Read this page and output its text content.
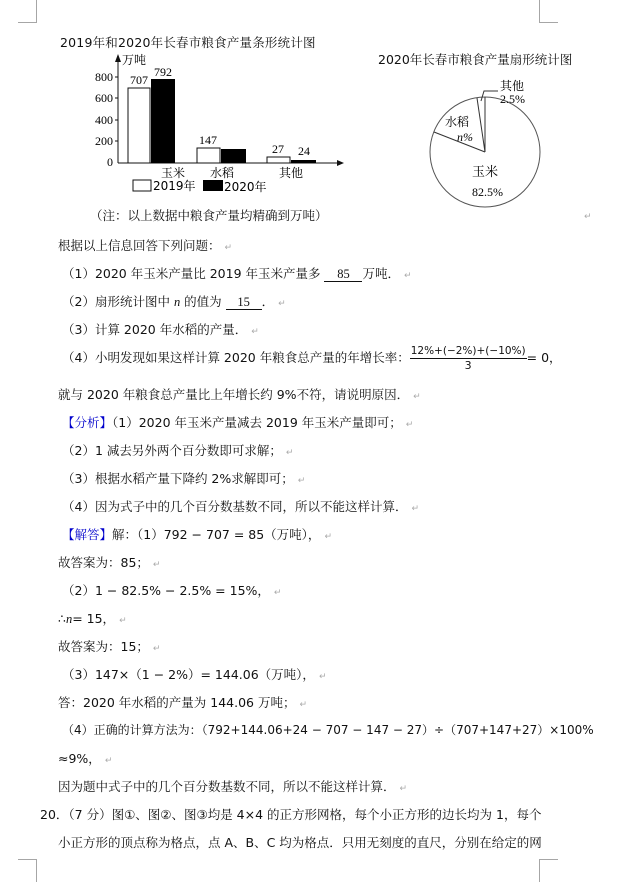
2019年和2020年长春市粮食产量条形统计图
万吨
800
600
400
200
0
707
792
147
27 24
玉米 水稻	其他
2019年 2020年
2020年长春市粮食产量扇形统计图
其他
2.5%
水稻
n%
玉米
82.5%
↵
（注：以上数据中粮食产量均精确到万吨）
根据以上信息回答下列问题： ↵
（1）2020 年玉米产量比 2019 年玉米产量多 85 万吨． ↵
（2）扇形统计图中 n 的值为 15 ． ↵
（3）计算 2020 年水稻的产量． ↵
（4）小明发现如果这样计算 2020 年粮食总产量的年增长率： $\frac{12\%+(-2\%)+(-10\%)}{3} = 0$，
就与 2020 年粮食总产量比上年增长约 9%不符，请说明原因． ↵
【分析】（1）2020 年玉米产量减去 2019 年玉米产量即可； ↵
（2）1 减去另外两个百分数即可求解； ↵
（3）根据水稻产量下降约 2%求解即可； ↵
（4）因为式子中的几个百分数基数不同，所以不能这样计算． ↵
【解答】解：（1）792 − 707 = 85（万吨）， ↵
故答案为：85； ↵
（2）1 − 82.5% − 2.5% = 15%， ↵
∴n= 15， ↵
故答案为：15； ↵
（3）147×（1 − 2%）= 144.06（万吨）， ↵
答：2020 年水稻的产量为 144.06 万吨； ↵
（4）正确的计算方法为：（792+144.06+24 − 707 − 147 − 27）÷（707+147+27）×100%
≈9%， ↵
因为题中式子中的几个百分数基数不同，所以不能这样计算． ↵
20．（7 分）图①、图②、图③均是 4×4 的正方形网格，每个小正方形的边长均为 1，每个
小正方形的顶点称为格点，点 A、B、C 均为格点．只用无刻度的直尺，分别在给定的网
